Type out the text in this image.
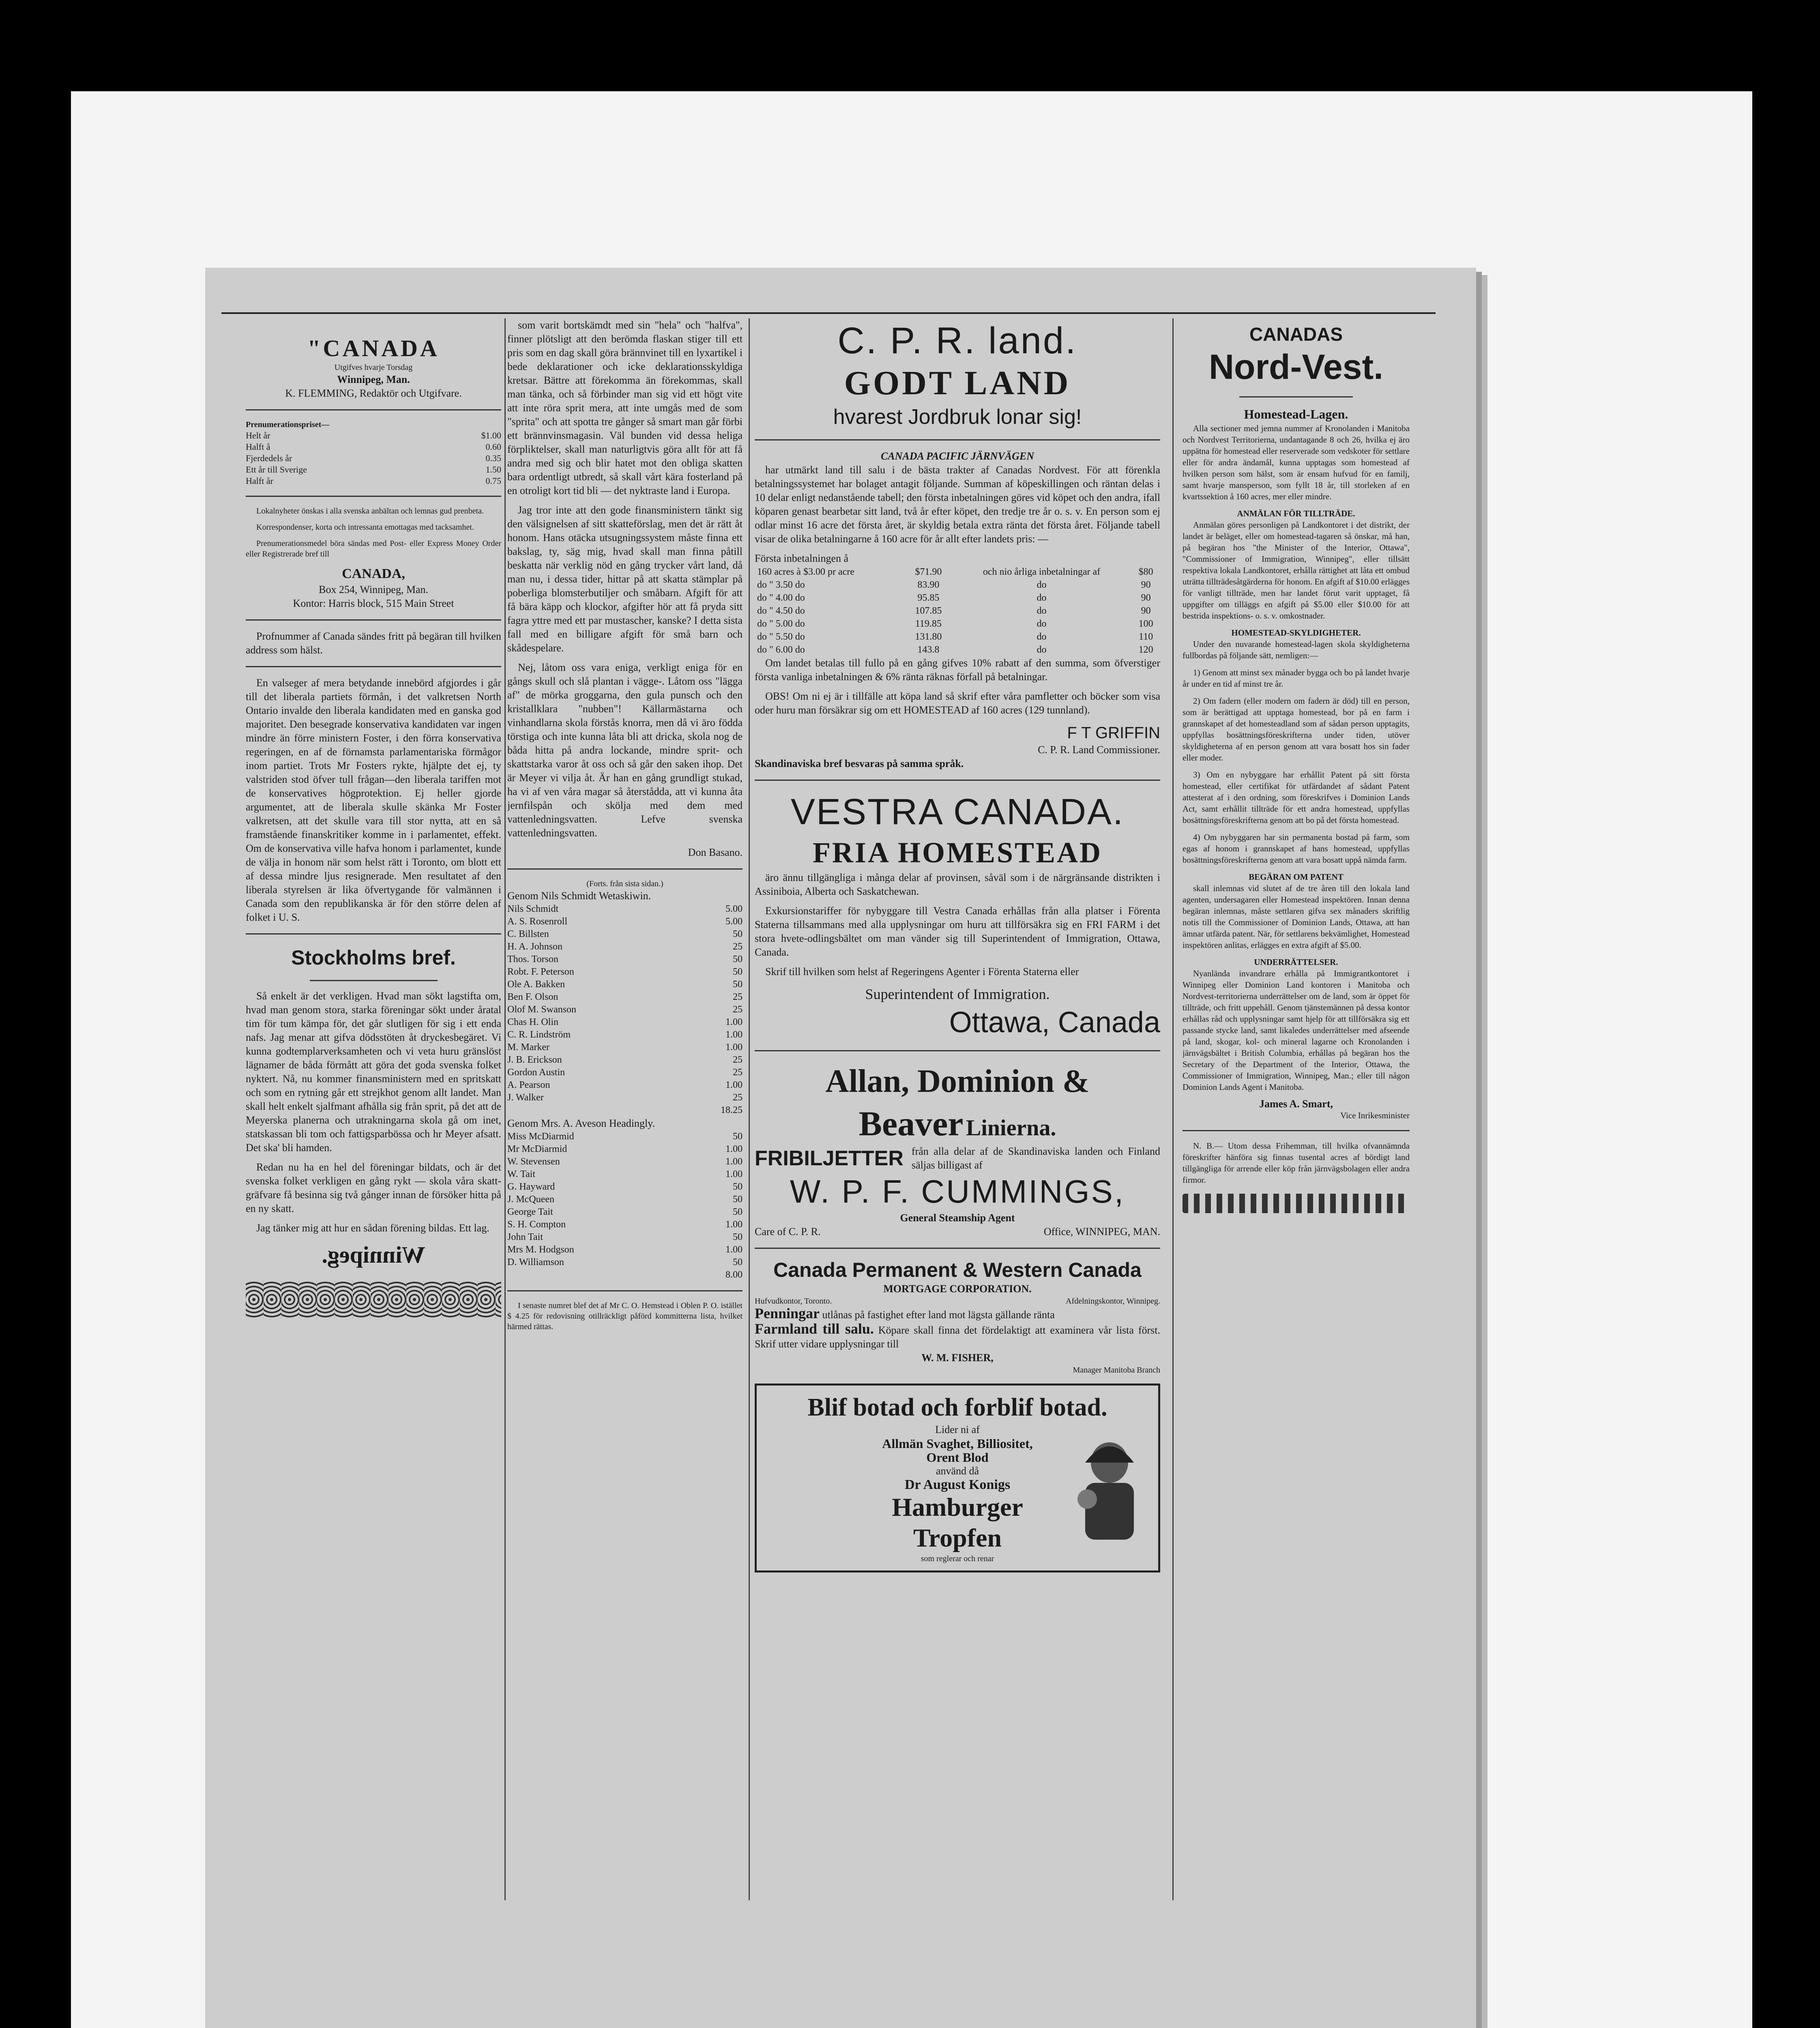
"CANADA
Utgifves hvarje Torsdag
Winnipeg, Man.
K. FLEMMING, Redaktör och Utgifvare.
Prenumerationspriset—
Helt år	$1.00
Halft å	0.60
Fjerdedels år	0.35
Ett år till Sverige	1.50
Halft år	0.75

Lokalnyheter önskas i alla svenska anbältan och lemnas gud prenbeta.

Korrespondenser, korta och intressanta emottagas med tacksamhet.

Prenumerationsmedel böra sändas med Post- eller Express Money Order eller Registrerade bref till

CANADA,
Box 254, Winnipeg, Man.
Kontor: Harris block, 515 Main Street

Profnummer af Canada sändes fritt på begäran till hvilken address som hälst.

En valseger af mera betydande innebörd afgjordes i går till det liberala partiets förmån, i det valkretsen North Ontario invalde den liberala kandidaten med en ganska god majoritet. Den besegrade konservativa kandidaten var ingen mindre än förre ministern Foster, i den förra konservativa regeringen, en af de förnamsta parlamentariska förmågor inom partiet. Trots Mr Fosters rykte, hjälpte det ej, ty valstriden stod öfver tull frågan—den liberala tariffen mot de konservatives högprotektion. Ej heller gjorde argumentet, att de liberala skulle skänka Mr Foster valkretsen, att det skulle vara till stor nytta, att en så framstående finanskritiker komme in i parlamentet, effekt. Om de konservativa ville hafva honom i parlamentet, kunde de välja in honom när som helst rätt i Toronto, om blott ett af dessa mindre ljus resignerade. Men resultatet af den liberala styrelsen är lika öfvertygande för valmännen i Canada som den republikanska är för den större delen af folket i U. S.

Stockholms bref.

Så enkelt är det verkligen. Hvad man sökt lagstifta om, hvad man genom stora, starka föreningar sökt under åratal tim för tum kämpa för, det går slutligen för sig i ett enda nafs. Jag menar att gifva dödsstöten åt dryckesbegäret. Vi kunna godtemplarverksamheten och vi veta huru gränslöst lägnamer de båda förmått att göra det goda svenska folket nyktert. Nå, nu kommer finansministern med en spritskatt och som en rytning går ett strejkhot genom allt landet. Man skall helt enkelt sjalfmant afhålla sig från sprit, på det att de Meyerska planerna och utrakningarna skola gå om inet, statskassan bli tom och fattigsparbössa och hr Meyer afsatt. Det ska' bli hamden.

Redan nu ha en hel del föreningar bildats, och är det svenska folket verkligen en gång rykt — skola våra skatt-gräfvare få besinna sig två gånger innan de försöker hitta på en ny skatt.

Jag tänker mig att hur en sådan förening bildas. Ett lag.

Winnipeg.

som varit bortskämdt med sin "hela" och "halfva", finner plötsligt att den berömda flaskan stiger till ett pris som en dag skall göra brännvinet till en lyxartikel i bede deklarationer och icke deklarationsskyldiga kretsar. Bättre att förekomma än förekommas, skall man tänka, och så förbinder man sig vid ett högt vite att inte röra sprit mera, att inte umgås med de som "sprita" och att spotta tre gånger så smart man går förbi ett brännvinsmagasin. Väl bunden vid dessa heliga förpliktelser, skall man naturligtvis göra allt för att få andra med sig och blir hatet mot den obliga skatten bara ordentligt utbredt, så skall vårt kära fosterland på en otroligt kort tid bli — det nyktraste land i Europa.

Jag tror inte att den gode finansministern tänkt sig den välsignelsen af sitt skatteförslag, men det är rätt åt honom. Hans otäcka utsugningssystem måste finna ett bakslag, ty, säg mig, hvad skall man finna påtill beskatta när verklig nöd en gång trycker vårt land, då man nu, i dessa tider, hittar på att skatta stämplar på poberliga blomsterbutiljer och småbarn. Afgift för att få bära käpp och klockor, afgifter hör att få pryda sitt fagra yttre med ett par mustascher, kanske? I detta sista fall med en billigare afgift för små barn och skådespelare.

Nej, låtom oss vara eniga, verkligt eniga för en gångs skull och slå plantan i vägge-. Låtom oss "lägga af" de mörka groggarna, den gula punsch och den kristallklara "nubben"! Källarmästarna och vinhandlarna skola förstås knorra, men då vi äro födda törstiga och inte kunna låta bli att dricka, skola nog de båda hitta på andra lockande, mindre sprit- och skattstarka varor åt oss och så går den saken ihop. Det är Meyer vi vilja åt. Är han en gång grundligt stukad, ha vi af ven våra magar så återstådda, att vi kunna åta jernfilspån och skölja med dem med vattenledningsvatten. Lefve svenska vattenledningsvatten.

Don Basano.
(Forts. från sista sidan.)
Genom Nils Schmidt Wetaskiwin.
Nils Schmidt	5.00
A. S. Rosenroll	5.00
C. Billsten	50
H. A. Johnson	25
Thos. Torson	50
Robt. F. Peterson	50
Ole A. Bakken	50
Ben F. Olson	25
Olof M. Swanson	25
Chas H. Olin	1.00
C. R. Lindström	1.00
M. Marker	1.00
J. B. Erickson	25
Gordon Austin	25
A. Pearson	1.00
J. Walker	25
18.25
Genom Mrs. A. Aveson Headingly.
Miss McDiarmid	50
Mr McDiarmid	1.00
W. Stevensen	1.00
W. Tait	1.00
G. Hayward	50
J. McQueen	50
George Tait	50
S. H. Compton	1.00
John Tait	50
Mrs M. Hodgson	1.00
D. Williamson	50
8.00

I senaste numret blef det af Mr C. O. Hemstead i Oblen P. O. istället $ 4.25 för redovisning otillräckligt påförd kommitterna lista, hvilket härmed rättas.

C. P. R. land.
GODT LAND
hvarest Jordbruk lonar sig!
CANADA PACIFIC JÄRNVÄGEN

har utmärkt land till salu i de bästa trakter af Canadas Nordvest. För att förenkla betalningssystemet har bolaget antagit följande. Summan af köpeskillingen och räntan delas i 10 delar enligt nedanstående tabell; den första inbetalningen göres vid köpet och den andra, ifall köparen genast bearbetar sitt land, två år efter köpet, den tredje tre år o. s. v. En person som ej odlar minst 16 acre det första året, är skyldig betala extra ränta det första året. Följande tabell visar de olika betalningarne å 160 acre för år allt efter landets pris: —

Första inbetalningen å
160 acres à $3.00 pr acre	$71.90	och nio årliga inbetalningar af	$80
do " 3.50 do	83.90	do	90
do " 4.00 do	95.85	do	90
do " 4.50 do	107.85	do	90
do " 5.00 do	119.85	do	100
do " 5.50 do	131.80	do	110
do " 6.00 do	143.8	do	120

Om landet betalas till fullo på en gång gifves 10% rabatt af den summa, som öfverstiger första vanliga inbetalningen & 6% ränta räknas förfall på betalningar.

OBS! Om ni ej är i tillfälle att köpa land så skrif efter våra pamfletter och böcker som visa oder huru man försäkrar sig om ett HOMESTEAD af 160 acres (129 tunnland).

F T GRIFFIN
C. P. R. Land Commissioner.
Skandinaviska bref besvaras på samma språk.
VESTRA CANADA.
FRIA HOMESTEAD

äro ännu tillgängliga i många delar af provinsen, såväl som i de närgränsande distrikten i Assiniboia, Alberta och Saskatchewan.

Exkursionstariffer för nybyggare till Vestra Canada erhållas från alla platser i Förenta Staterna tillsammans med alla upplysningar om huru att tillförsäkra sig en FRI FARM i det stora hvete-odlingsbältet om man vänder sig till Superintendent of Immigration, Ottawa, Canada.

Skrif till hvilken som helst af Regeringens Agenter i Förenta Staterna eller

Superintendent of Immigration.
Ottawa, Canada
Allan, Dominion &
Beaver Linierna.
FRIBILJETTER från alla delar af de Skandinaviska landen och Finland säljas billigast af
W. P. F. CUMMINGS,
General Steamship Agent
Care of C. P. R.	Office, WINNIPEG, MAN.
Canada Permanent & Western Canada
MORTGAGE CORPORATION.
Hufvudkontor, Toronto.	Afdelningskontor, Winnipeg.
Penningar utlånas på fastighet efter land mot lägsta gällande ränta
Farmland till salu. Köpare skall finna det fördelaktigt att examinera vår lista först. Skrif utter vidare upplysningar till
W. M. FISHER,
Manager Manitoba Branch
Blif botad och forblif botad.
Lider ni af
Allmän Svaghet, Billiositet,
Orent Blod
använd då
Dr August Konigs
Hamburger
Tropfen
som reglerar och renar
CANADAS
Nord-Vest.
Homestead-Lagen.

Alla sectioner med jemna nummer af Kronolanden i Manitoba och Nordvest Territorierna, undantagande 8 och 26, hvilka ej äro uppätna för homestead eller reserverade som vedskoter för settlare eller för andra ändamål, kunna upptagas som homestead af hvilken person som hälst, som är ensam hufvud för en familj, samt hvarje mansperson, som fyllt 18 år, till storleken af en kvartssektion å 160 acres, mer eller mindre.

ANMÄLAN FÖR TILLTRÄDE.

Anmälan göres personligen på Landkontoret i det distrikt, der landet är beläget, eller om homestead-tagaren så önskar, må han, på begäran hos "the Minister of the Interior, Ottawa", "Commissioner of Immigration, Winnipeg", eller tillsätt respektiva lokala Landkontoret, erhålla rättighet att låta ett ombud uträtta tillträdesåtgärderna för honom. En afgift af $10.00 erlägges för vanligt tillträde, men har landet förut varit upptaget, få uppgifter om tilläggs en afgift på $5.00 eller $10.00 för att bestrida inspektions- o. s. v. omkostnader.

HOMESTEAD-SKYLDIGHETER.

Under den nuvarande homestead-lagen skola skyldigheterna fullbordas på följande sätt, nemligen:—

1) Genom att minst sex månader bygga och bo på landet hvarje år under en tid af minst tre år.

2) Om fadern (eller modern om fadern är död) till en person, som är berättigad att upptaga homestead, bor på en farm i grannskapet af det homesteadland som af sådan person upptagits, uppfyllas bosättningsföreskrifterna under tiden, utöver skyldigheterna af en person genom att vara bosatt hos sin fader eller moder.

3) Om en nybyggare har erhållit Patent på sitt första homestead, eller certifikat för utfärdandet af sådant Patent attesterat af i den ordning, som föreskrifves i Dominion Lands Act, samt erhållit tillträde för ett andra homestead, uppfyllas bosättningsföreskrifterna genom att bo på det första homestead.

4) Om nybyggaren har sin permanenta bostad på farm, som egas af honom i grannskapet af hans homestead, uppfyllas bosättningsföreskrifterna genom att vara bosatt uppå nämda farm.

BEGÄRAN OM PATENT

skall inlemnas vid slutet af de tre åren till den lokala land agenten, undersagaren eller Homestead inspektören. Innan denna begäran inlemnas, måste settlaren gifva sex månaders skriftlig notis till the Commissioner of Dominion Lands, Ottawa, att han ämnar utfärda patent. När, för settlarens bekvämlighet, Homestead inspektören anlitas, erlägges en extra afgift af $5.00.

UNDERRÄTTELSER.

Nyanlända invandrare erhålla på Immigrantkontoret i Winnipeg eller Dominion Land kontoren i Manitoba och Nordvest-territorierna underrättelser om de land, som är öppet för tillträde, och fritt uppehåll. Genom tjänstemännen på dessa kontor erhållas råd och upplysningar samt hjelp för att tillförsäkra sig ett passande stycke land, samt likaledes underrättelser med afseende på land, skogar, kol- och mineral lagarne och Kronolanden i järnvägsbältet i British Columbia, erhållas på begäran hos the Secretary of the Department of the Interior, Ottawa, the Commissioner of Immigration, Winnipeg, Man.; eller till någon Dominion Lands Agent i Manitoba.

James A. Smart,
Vice Inrikesminister

N. B.— Utom dessa Frihemman, till hvilka ofvannämnda föreskrifter hänföra sig finnas tusental acres af bördigt land tillgängliga för arrende eller köp från järnvägsbolagen eller andra firmor.
